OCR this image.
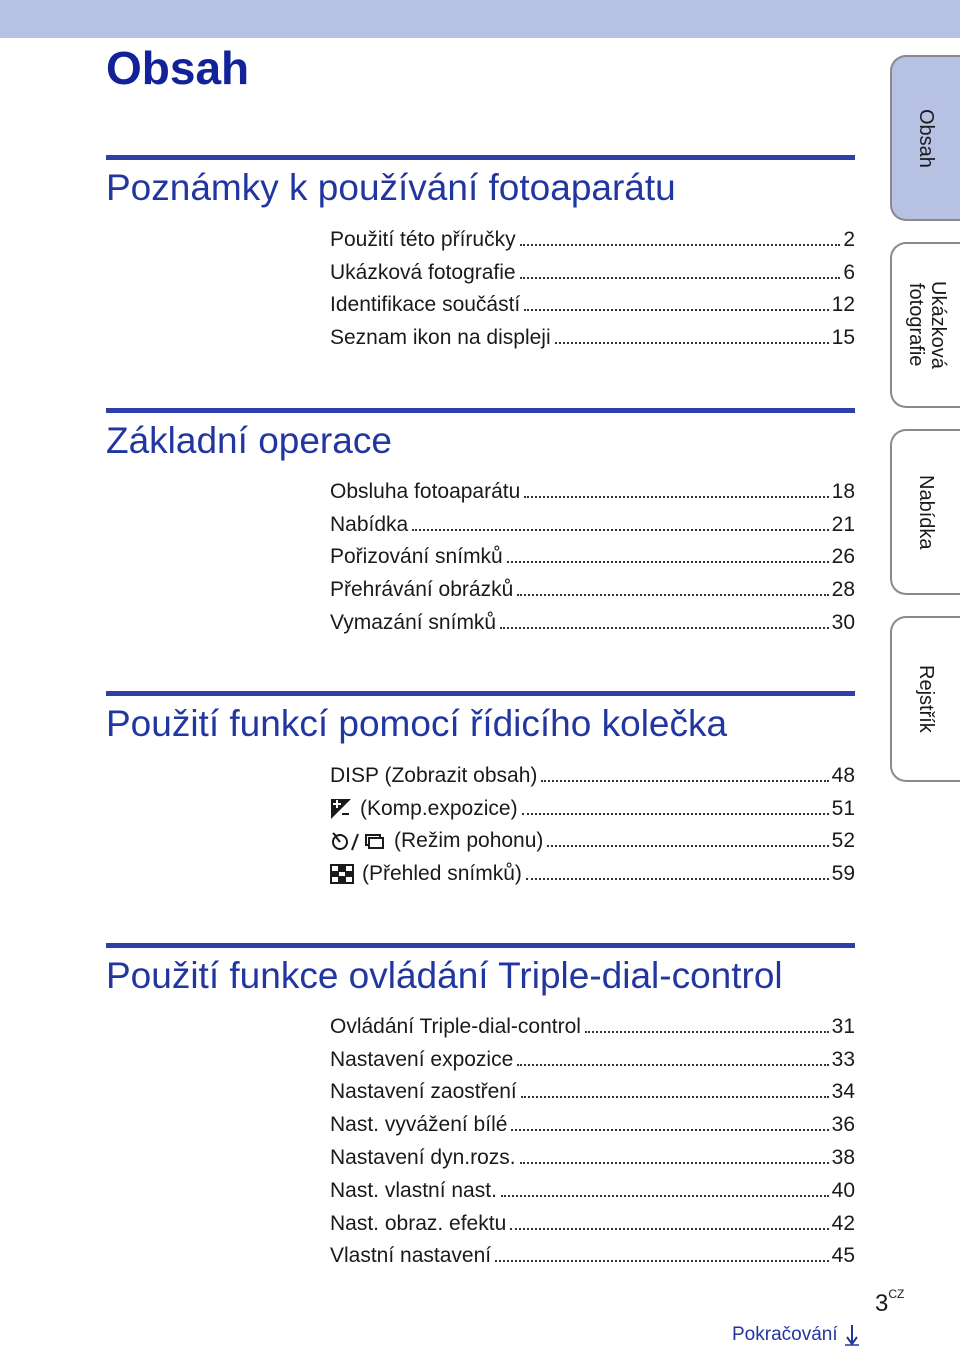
Obsah
Poznámky k používání fotoaparátu
Použití této příručky	2
Ukázková fotografie	6
Identifikace součástí	12
Seznam ikon na displeji	15
Základní operace
Obsluha fotoaparátu	18
Nabídka	21
Pořizování snímků	26
Přehrávání obrázků	28
Vymazání snímků	30
Použití funkcí pomocí řídicího kolečka
DISP (Zobrazit obsah)	48
(Komp.expozice)	51
(Režim pohonu)	52
(Přehled snímků)	59
Použití funkce ovládání Triple-dial-control
Ovládání Triple-dial-control	31
Nastavení expozice	33
Nastavení zaostření	34
Nast. vyvážení bílé	36
Nastavení dyn.rozs.	38
Nast. vlastní nast.	40
Nast. obraz. efektu	42
Vlastní nastavení	45
Obsah
Ukázková fotografie
Nabídka
Rejstřík
$3^{CZ}$
Pokračování
